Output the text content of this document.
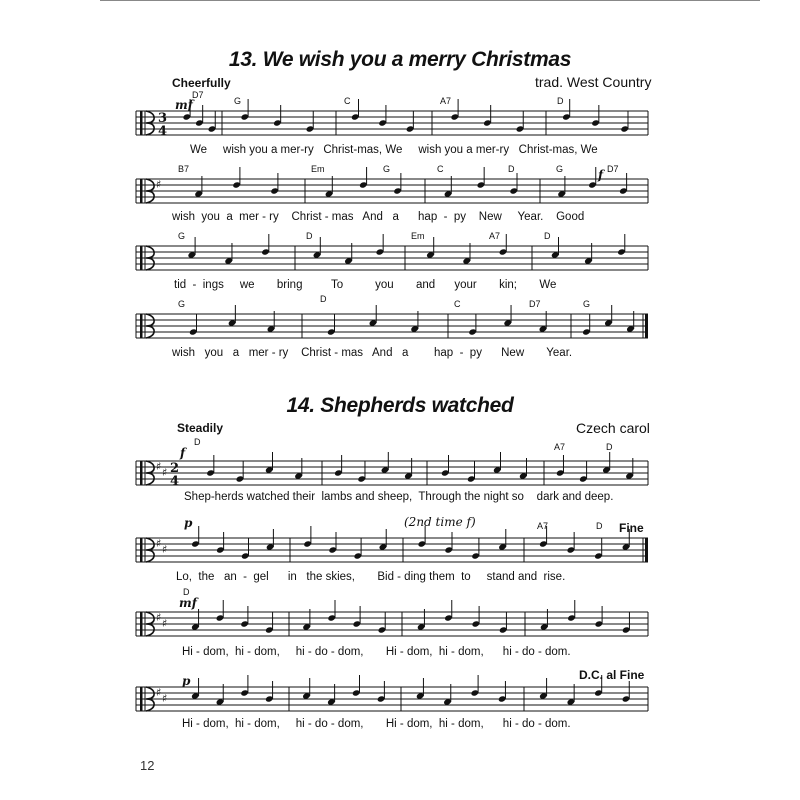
13. We wish you a merry Christmas
Cheerfully	trad. West Country
D7
G	C	A7	D
mf
We     wish you a mer-ry   Christ-mas, We     wish you a mer-ry   Christ-mas, We
B7	Em	G	C	D	G	D7
f
wish  you  a  mer - ry    Christ - mas   And   a      hap  -  py    New     Year.    Good
G	D	Em	A7	D
tid  -  ings     we       bring         To          you       and      your       kin;       We
G	D	C	D7	G
wish   you   a   mer - ry    Christ - mas   And   a        hap  -  py      New       Year.
14. Shepherds watched
Steadily	Czech carol
D	A7	D
f
Shep-herds watched their  lambs and sheep,  Through the night so    dark and deep.
p	(2nd time f)	A7	D Fine
Lo,  the   an  -  gel      in   the skies,       Bid - ding them  to     stand and  rise.
D
mf
Hi - dom,  hi - dom,     hi - do - dom,       Hi - dom,  hi - dom,      hi - do - dom.
p	D.C. al Fine
Hi - dom,  hi - dom,     hi - do - dom,       Hi - dom,  hi - dom,      hi - do - dom.
12
3
4
♯
♯ ♯ 2
4
♯ ♯
♯ ♯
♯ ♯
